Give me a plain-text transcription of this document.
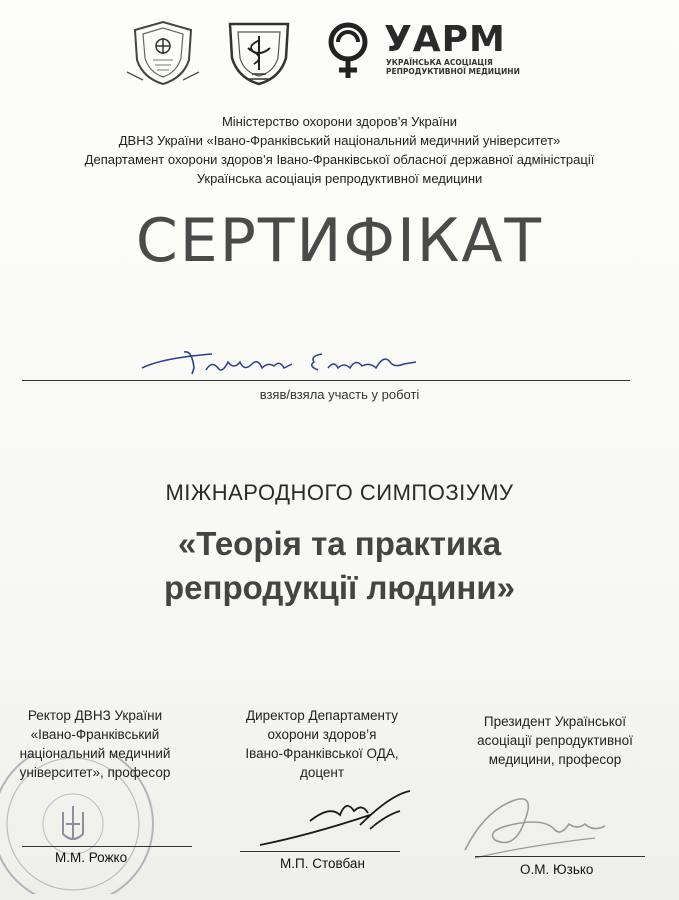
УАРМ
УКРАЇНСЬКА АСОЦІАЦІЯ
РЕПРОДУКТИВНОЇ МЕДИЦИНИ
Міністерство охорони здоров’я України
ДВНЗ України «Івано-Франківський національний медичний університет»
Департамент охорони здоров’я Івано-Франківської обласної державної адміністрації
Українська асоціація репродуктивної медицини
СЕРТИФІКАТ
взяв/взяла участь у роботі
МІЖНАРОДНОГО СИМПОЗІУМУ
«Теорія та практика
репродукції людини»
Ректор ДВНЗ України
«Івано-Франківський
національний медичний
університет», професор
М.М. Рожко
Директор Департаменту
охорони здоров’я
Івано-Франківської ОДА,
доцент
М.П. Стовбан
Президент Української
асоціації репродуктивної
медицини, професор
О.М. Юзько
